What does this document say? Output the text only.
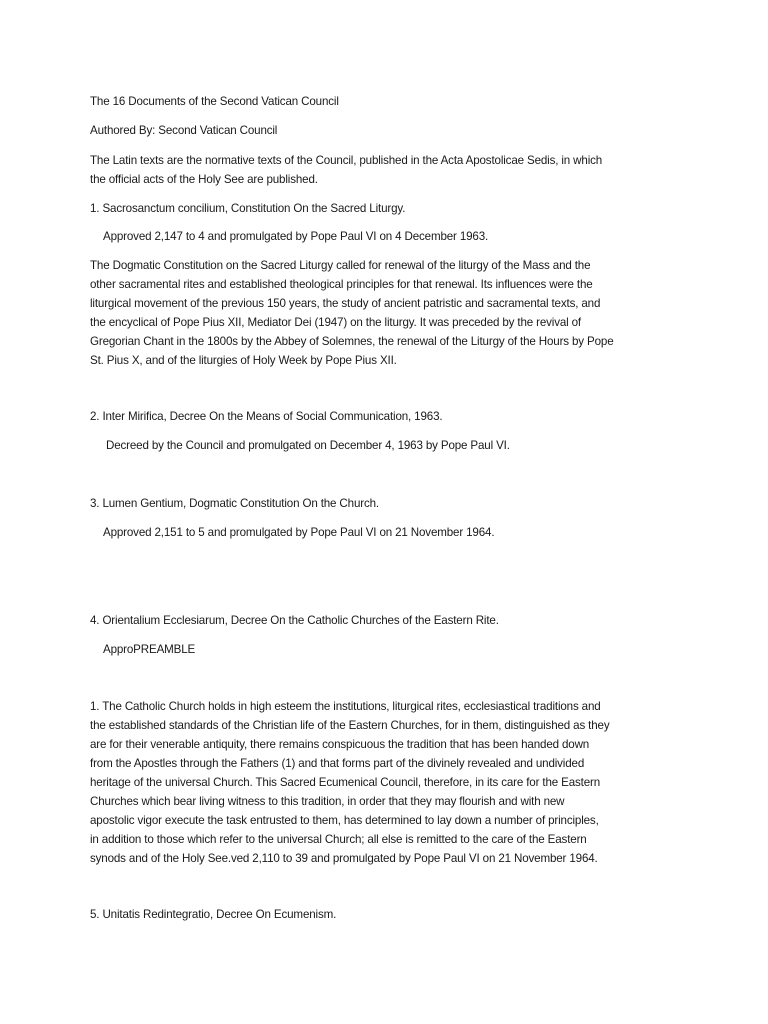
The 16 Documents of the Second Vatican Council
Authored By: Second Vatican Council
The Latin texts are the normative texts of the Council, published in the Acta Apostolicae Sedis, in which
the official acts of the Holy See are published.
1. Sacrosanctum concilium, Constitution On the Sacred Liturgy.
Approved 2,147 to 4 and promulgated by Pope Paul VI on 4 December 1963.
The Dogmatic Constitution on the Sacred Liturgy called for renewal of the liturgy of the Mass and the
other sacramental rites and established theological principles for that renewal. Its influences were the
liturgical movement of the previous 150 years, the study of ancient patristic and sacramental texts, and
the encyclical of Pope Pius XII, Mediator Dei (1947) on the liturgy. It was preceded by the revival of
Gregorian Chant in the 1800s by the Abbey of Solemnes, the renewal of the Liturgy of the Hours by Pope
St. Pius X, and of the liturgies of Holy Week by Pope Pius XII.
2. Inter Mirifica, Decree On the Means of Social Communication, 1963.
Decreed by the Council and promulgated on December 4, 1963 by Pope Paul VI.
3. Lumen Gentium, Dogmatic Constitution On the Church.
Approved 2,151 to 5 and promulgated by Pope Paul VI on 21 November 1964.
4. Orientalium Ecclesiarum, Decree On the Catholic Churches of the Eastern Rite.
ApproPREAMBLE
1. The Catholic Church holds in high esteem the institutions, liturgical rites, ecclesiastical traditions and
the established standards of the Christian life of the Eastern Churches, for in them, distinguished as they
are for their venerable antiquity, there remains conspicuous the tradition that has been handed down
from the Apostles through the Fathers (1) and that forms part of the divinely revealed and undivided
heritage of the universal Church. This Sacred Ecumenical Council, therefore, in its care for the Eastern
Churches which bear living witness to this tradition, in order that they may flourish and with new
apostolic vigor execute the task entrusted to them, has determined to lay down a number of principles,
in addition to those which refer to the universal Church; all else is remitted to the care of the Eastern
synods and of the Holy See.ved 2,110 to 39 and promulgated by Pope Paul VI on 21 November 1964.
5. Unitatis Redintegratio, Decree On Ecumenism.
